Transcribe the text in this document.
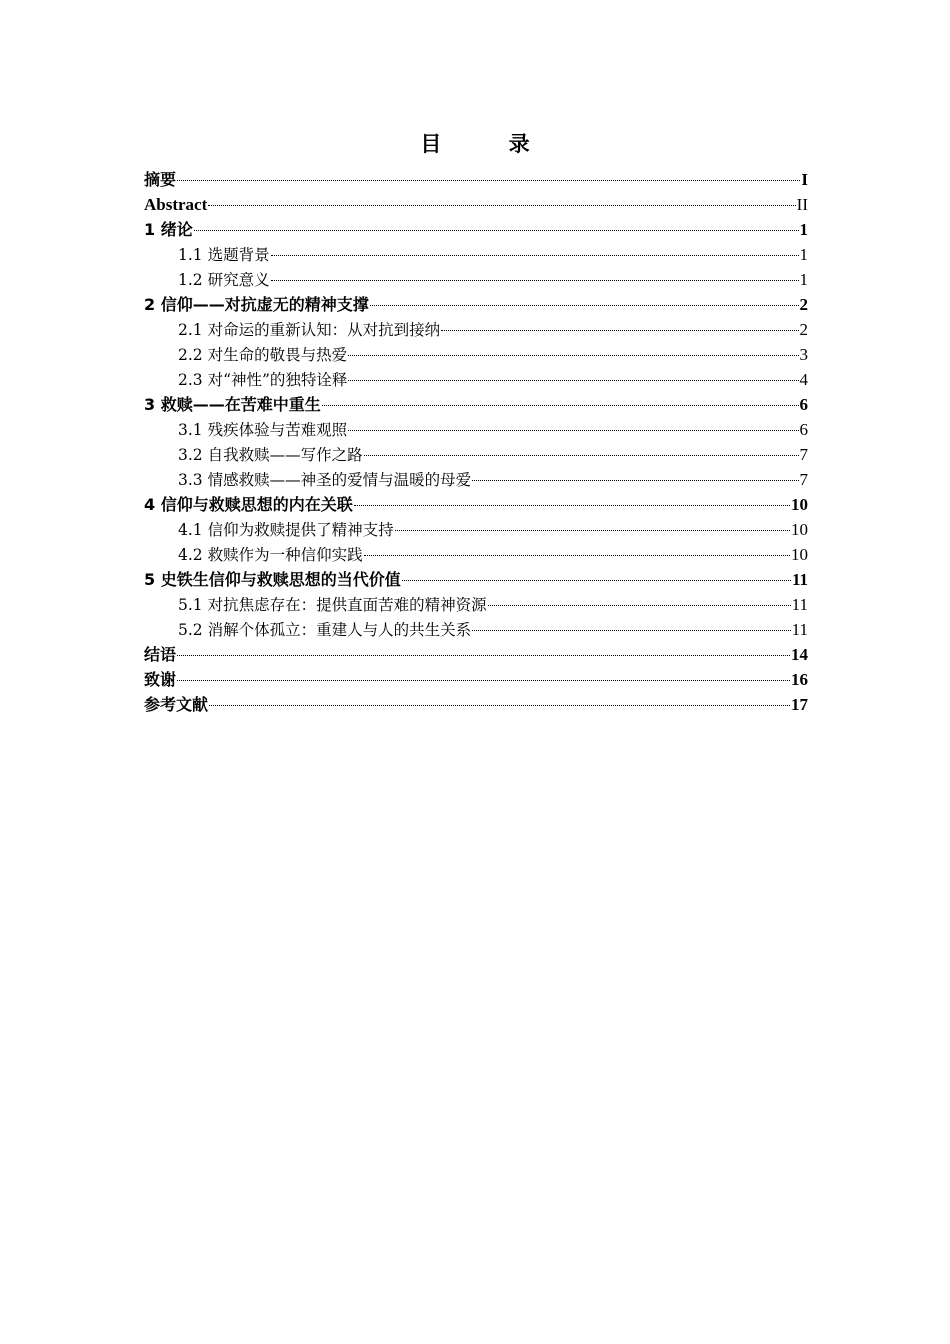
目 录
摘要	I
Abstract	II
1 绪论	1
1.1 选题背景	1
1.2 研究意义	1
2 信仰——对抗虚无的精神支撑	2
2.1 对命运的重新认知：从对抗到接纳	2
2.2 对生命的敬畏与热爱	3
2.3 对“神性”的独特诠释	4
3 救赎——在苦难中重生	6
3.1 残疾体验与苦难观照	6
3.2 自我救赎——写作之路	7
3.3 情感救赎——神圣的爱情与温暖的母爱	7
4 信仰与救赎思想的内在关联	10
4.1 信仰为救赎提供了精神支持	10
4.2 救赎作为一种信仰实践	10
5 史铁生信仰与救赎思想的当代价值	11
5.1 对抗焦虑存在：提供直面苦难的精神资源	11
5.2 消解个体孤立：重建人与人的共生关系	11
结语	14
致谢	16
参考文献	17
